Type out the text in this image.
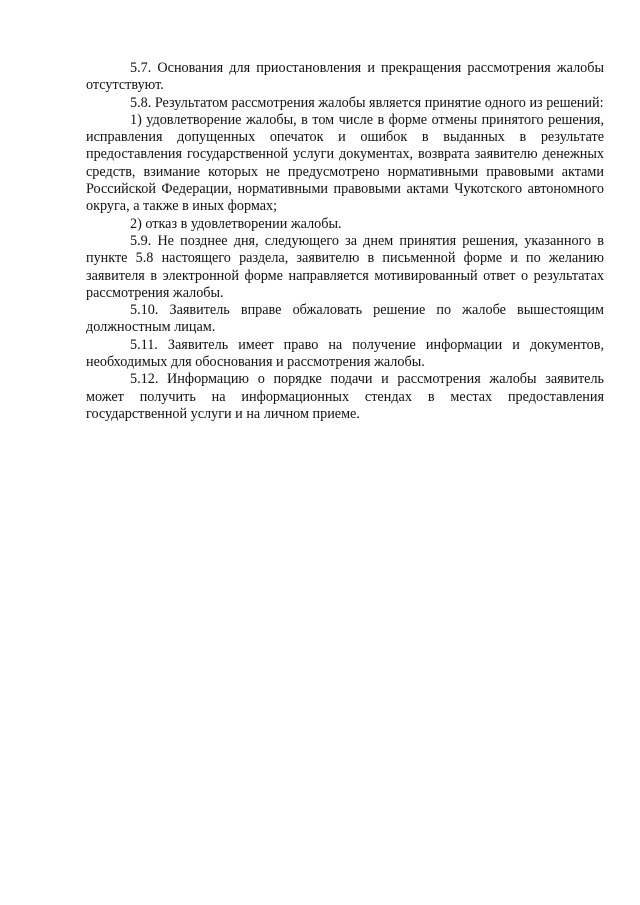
5.7. Основания для приостановления и прекращения рассмотрения жалобы отсутствуют.

5.8. Результатом рассмотрения жалобы является принятие одного из решений:

1) удовлетворение жалобы, в том числе в форме отмены принятого решения, исправления допущенных опечаток и ошибок в выданных в результате предоставления государственной услуги документах, возврата заявителю денежных средств, взимание которых не предусмотрено нормативными правовыми актами Российской Федерации, нормативными правовыми актами Чукотского автономного округа, а также в иных формах;

2) отказ в удовлетворении жалобы.

5.9. Не позднее дня, следующего за днем принятия решения, указанного в пункте 5.8 настоящего раздела, заявителю в письменной форме и по желанию заявителя в электронной форме направляется мотивированный ответ о результатах рассмотрения жалобы.

5.10. Заявитель вправе обжаловать решение по жалобе вышестоящим должностным лицам.

5.11. Заявитель имеет право на получение информации и документов, необходимых для обоснования и рассмотрения жалобы.

5.12. Информацию о порядке подачи и рассмотрения жалобы заявитель может получить на информационных стендах в местах предоставления государственной услуги и на личном приеме.
